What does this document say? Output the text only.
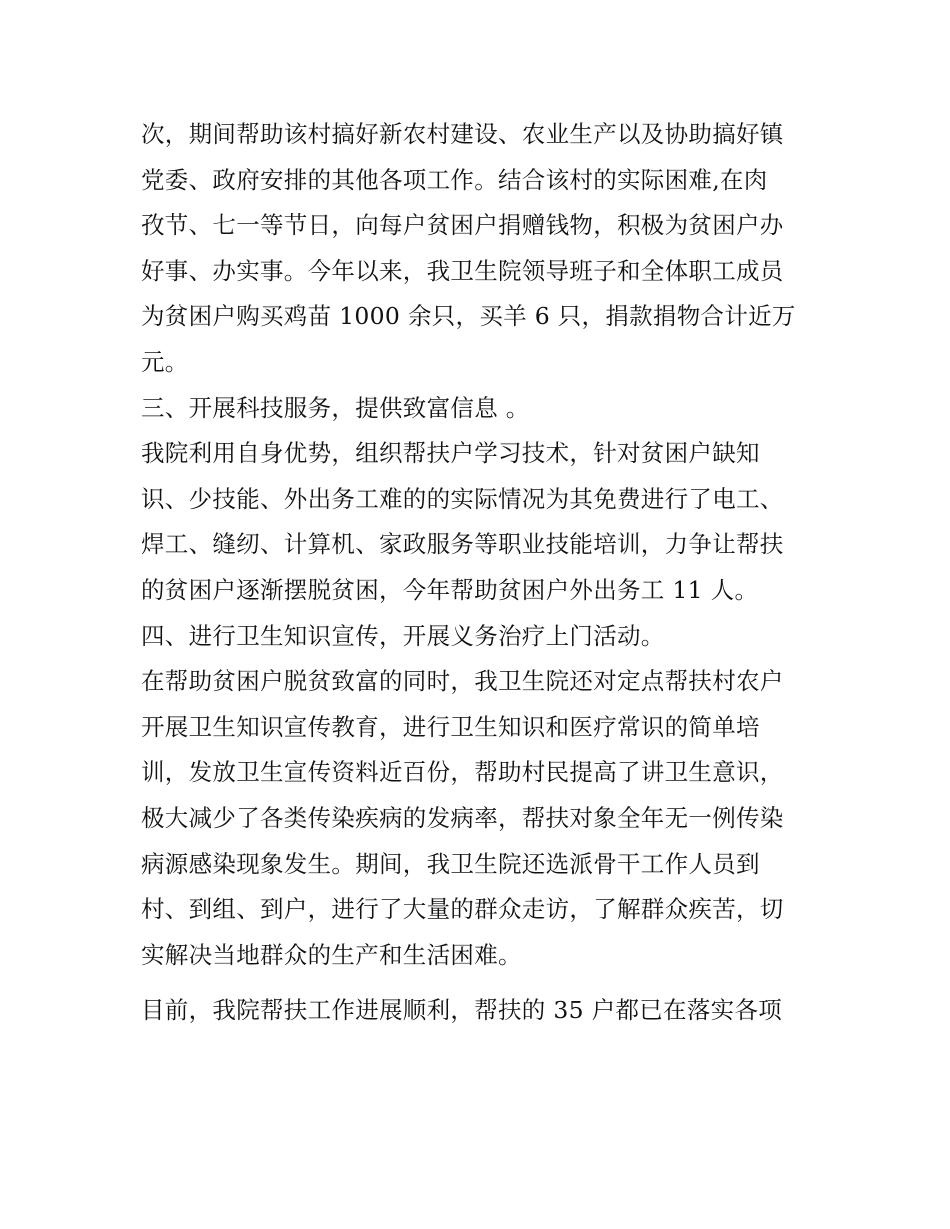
次，期间帮助该村搞好新农村建设、农业生产以及协助搞好镇
党委、政府安排的其他各项工作。结合该村的实际困难,在肉
孜节、七一等节日，向每户贫困户捐赠钱物，积极为贫困户办
好事、办实事。今年以来，我卫生院领导班子和全体职工成员
为贫困户购买鸡苗 1000 余只，买羊 6 只，捐款捐物合计近万
元。
三、开展科技服务，提供致富信息 。
我院利用自身优势，组织帮扶户学习技术，针对贫困户缺知
识、少技能、外出务工难的的实际情况为其免费进行了电工、
焊工、缝纫、计算机、家政服务等职业技能培训，力争让帮扶
的贫困户逐渐摆脱贫困，今年帮助贫困户外出务工 11 人。
四、进行卫生知识宣传，开展义务治疗上门活动。
在帮助贫困户脱贫致富的同时，我卫生院还对定点帮扶村农户
开展卫生知识宣传教育，进行卫生知识和医疗常识的简单培
训，发放卫生宣传资料近百份，帮助村民提高了讲卫生意识，
极大减少了各类传染疾病的发病率，帮扶对象全年无一例传染
病源感染现象发生。期间，我卫生院还选派骨干工作人员到
村、到组、到户，进行了大量的群众走访，了解群众疾苦，切
实解决当地群众的生产和生活困难。
目前，我院帮扶工作进展顺利，帮扶的 35 户都已在落实各项
